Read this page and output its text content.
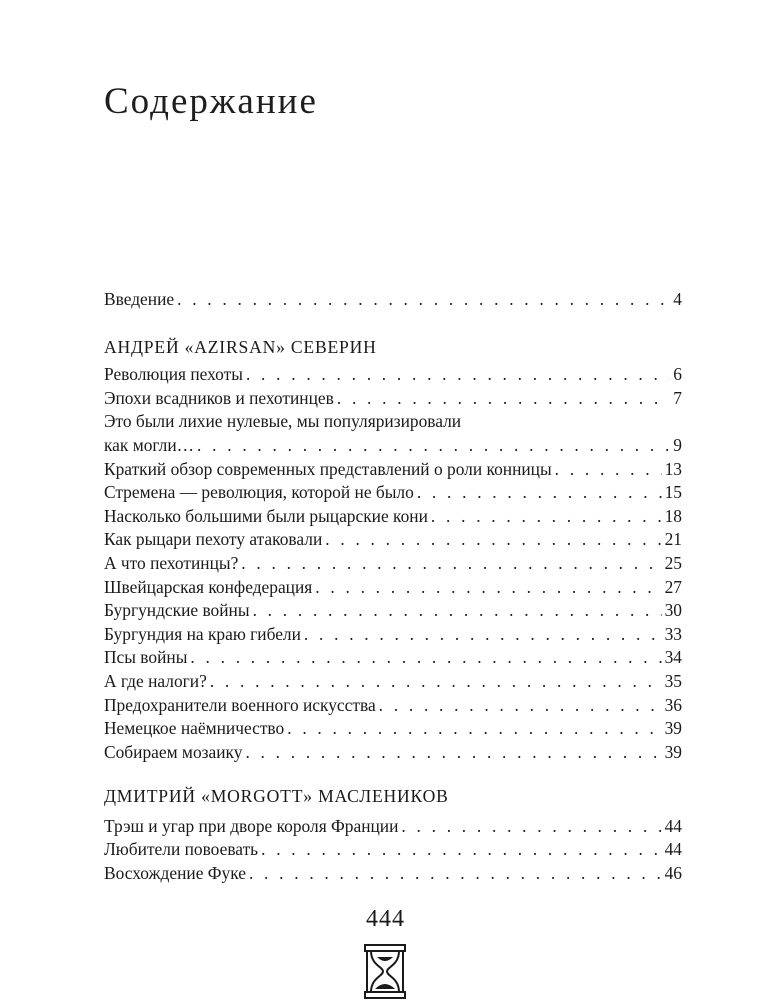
Содержание
Введение . . .	4
АНДРЕЙ «AZIRSAN» СЕВЕРИН
Революция пехоты . . .	6
Эпохи всадников и пехотинцев . . .	7
Это были лихие нулевые, мы популяризировали
как могли… . . .	9
Краткий обзор современных представлений о роли конницы . . .	13
Стремена — революция, которой не было . . .	15
Насколько большими были рыцарские кони . . .	18
Как рыцари пехоту атаковали . . .	21
А что пехотинцы? . . .	25
Швейцарская конфедерация . . .	27
Бургундские войны . . .	30
Бургундия на краю гибели . . .	33
Псы войны . . .	34
А где налоги? . . .	35
Предохранители военного искусства . . .	36
Немецкое наёмничество . . .	39
Собираем мозаику . . .	39
ДМИТРИЙ «MORGOTT» МАСЛЕНИКОВ
Трэш и угар при дворе короля Франции . . .	44
Любители повоевать . . .	44
Восхождение Фуке . . .	46
444
